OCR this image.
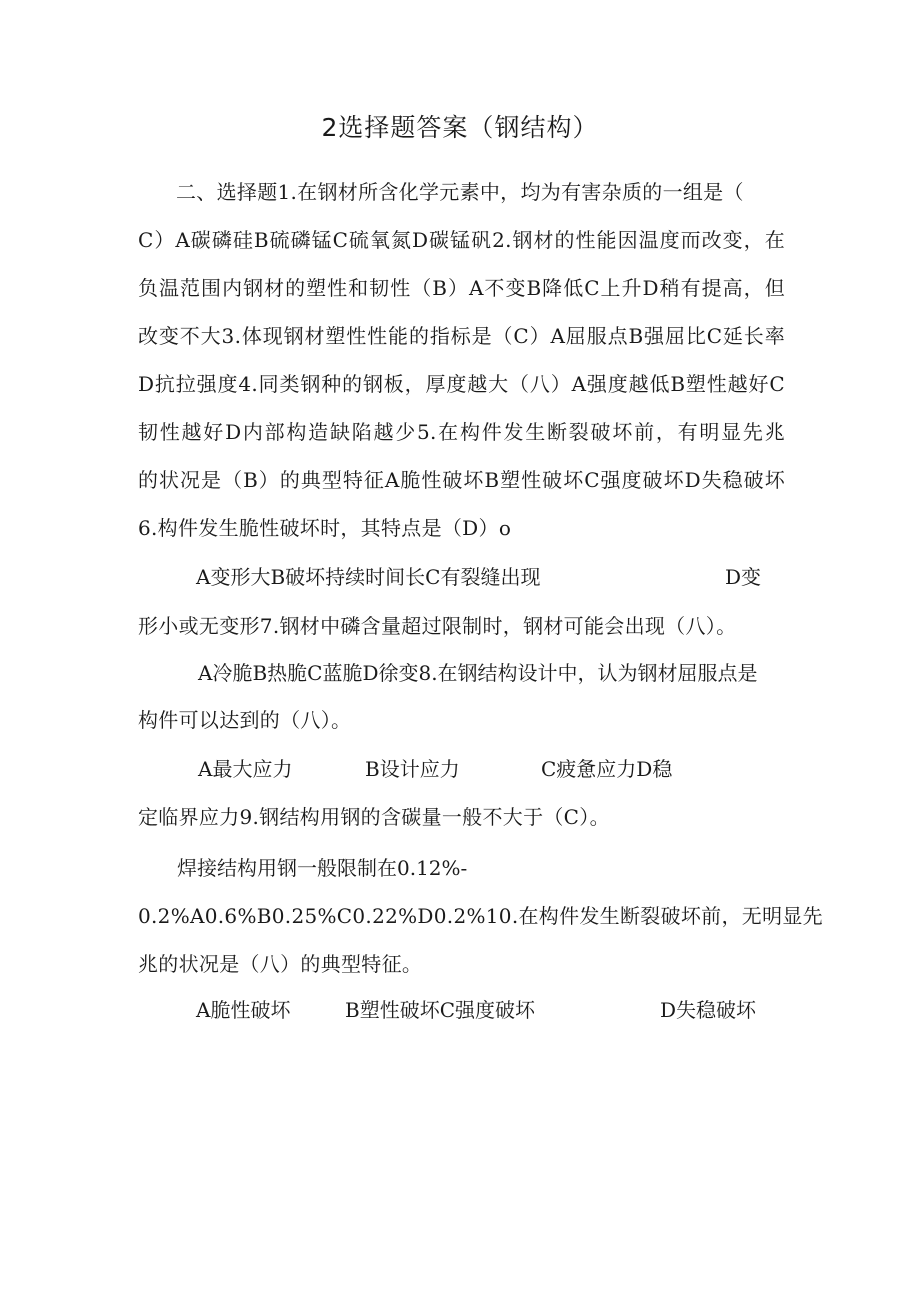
2选择题答案（钢结构）
二、选择题1.在钢材所含化学元素中，均为有害杂质的一组是（
C）A碳磷硅B硫磷锰C硫氧氮D碳锰矾2.钢材的性能因温度而改变，在
负温范围内钢材的塑性和韧性（B）A不变B降低C上升D稍有提高，但
改变不大3.体现钢材塑性性能的指标是（C）A屈服点B强屈比C延长率
D抗拉强度4.同类钢种的钢板，厚度越大（八）A强度越低B塑性越好C
韧性越好D内部构造缺陷越少5.在构件发生断裂破坏前，有明显先兆
的状况是（B）的典型特征A脆性破坏B塑性破坏C强度破坏D失稳破坏
6.构件发生脆性破坏时，其特点是（D）o
A变形大B破坏持续时间长C有裂缝出现	D变
形小或无变形7.钢材中磷含量超过限制时，钢材可能会出现（八）。
A冷脆B热脆C蓝脆D徐变8.在钢结构设计中，认为钢材屈服点是
构件可以达到的（八）。
A最大应力	B设计应力	C疲惫应力D稳
定临界应力9.钢结构用钢的含碳量一般不大于（C）。
焊接结构用钢一般限制在0.12%-
0.2%A0.6%B0.25%C0.22%D0.2%10.在构件发生断裂破坏前，无明显先
兆的状况是（八）的典型特征。
A脆性破坏	B塑性破坏C强度破坏	D失稳破坏
